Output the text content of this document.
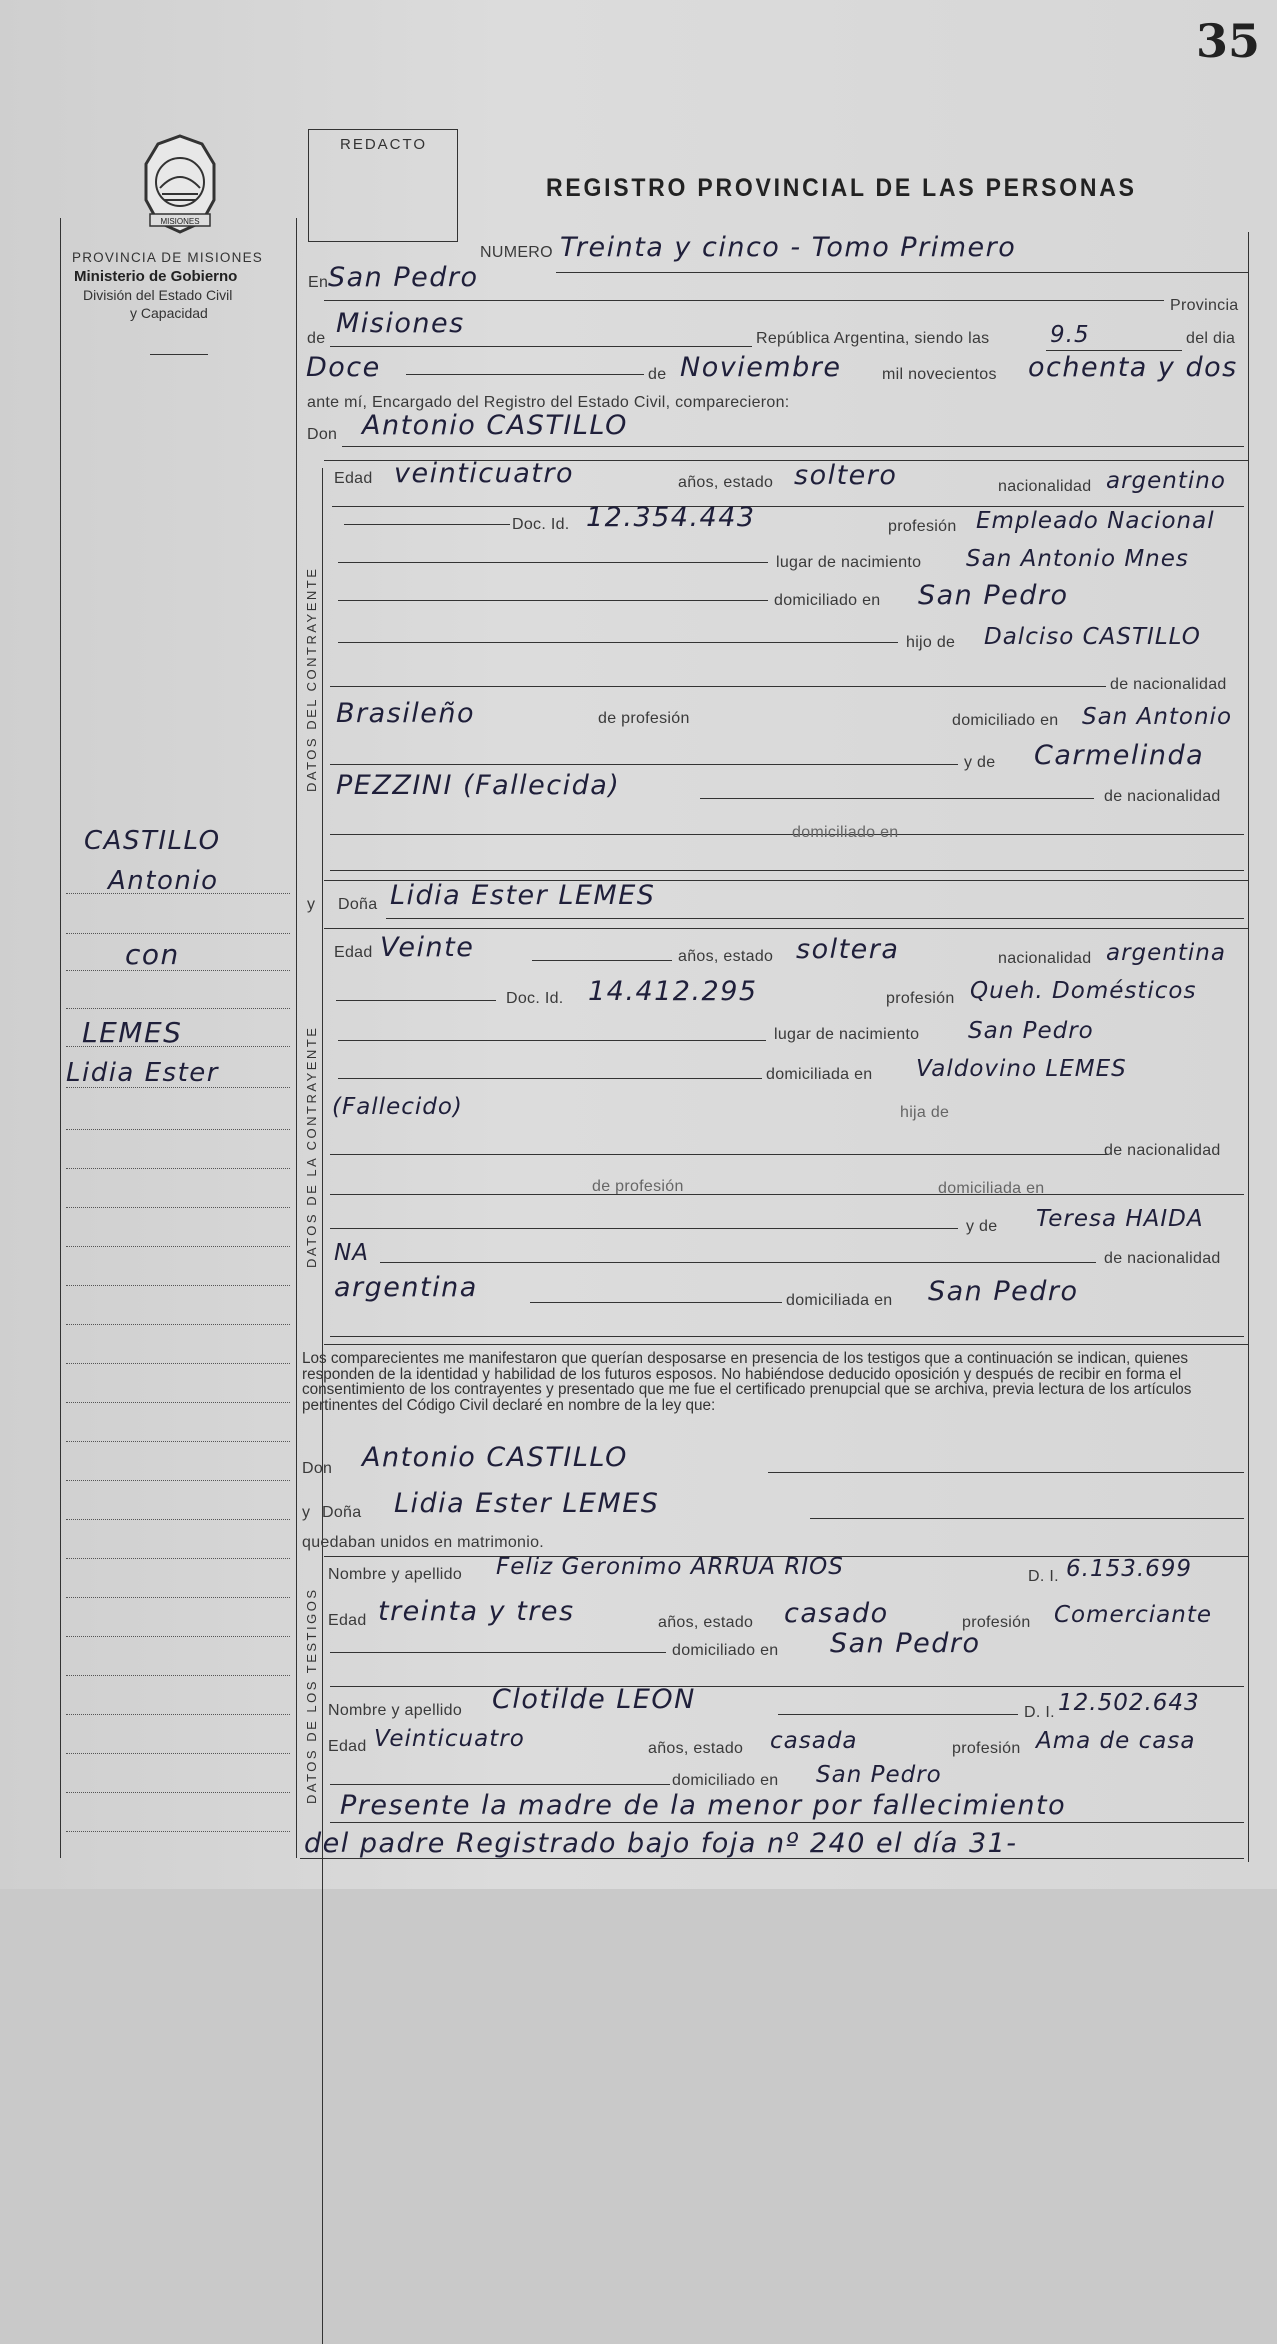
35
MISIONES
PROVINCIA DE MISIONES
Ministerio de Gobierno
División del Estado Civil
y Capacidad
REDACTO
REGISTRO PROVINCIAL DE LAS PERSONAS
CASTILLO
Antonio
con
LEMES
Lidia Ester
DATOS DEL CONTRAYENTE
DATOS DE LA CONTRAYENTE
DATOS DE LOS TESTIGOS
NUMERO Treinta y cinco - Tomo Primero
En San Pedro
Provincia
de Misiones	República Argentina, siendo las	9.5	del dia
Doce	de Noviembre	mil novecientos ochenta y dos
ante mí, Encargado del Registro del Estado Civil, comparecieron:
Don Antonio CASTILLO
Edad veinticuatro	años, estado soltero	nacionalidad argentino
Doc. Id. 12.354.443	profesión Empleado Nacional
lugar de nacimiento San Antonio Mnes
domiciliado en San Pedro
hijo de Dalciso CASTILLO
de nacionalidad
Brasileño	de profesión	domiciliado en San Antonio
y de Carmelinda
PEZZINI (Fallecida)	de nacionalidad
domiciliado en
y Doña Lidia Ester LEMES
Edad Veinte	años, estado soltera	nacionalidad argentina
Doc. Id. 14.412.295	profesión Queh. Domésticos
lugar de nacimiento San Pedro
domiciliada en Valdovino LEMES
(Fallecido)	hija de
de nacionalidad
de profesión	domiciliada en
y de Teresa HAIDA
NA	de nacionalidad
argentina	domiciliada en San Pedro
Los comparecientes me manifestaron que querían desposarse en presencia de los testigos que a continuación se indican, quienes responden de la identidad y habilidad de los futuros esposos. No habiéndose deducido oposición y después de recibir en forma el consentimiento de los contrayentes y presentado que me fue el certificado prenupcial que se archiva, previa lectura de los artículos pertinentes del Código Civil declaré en nombre de la ley que:
Don Antonio CASTILLO
y Doña Lidia Ester LEMES
quedaban unidos en matrimonio.
Nombre y apellido Feliz Geronimo ARRUA RIOS	D. I. 6.153.699
Edad treinta y tres	años, estado casado	profesión Comerciante
domiciliado en San Pedro
Nombre y apellido Clotilde LEON	D. I. 12.502.643
Edad Veinticuatro	años, estado casada	profesión Ama de casa
domiciliado en San Pedro
Presente la madre de la menor por fallecimiento
del padre Registrado bajo foja nº 240 el día 31-
